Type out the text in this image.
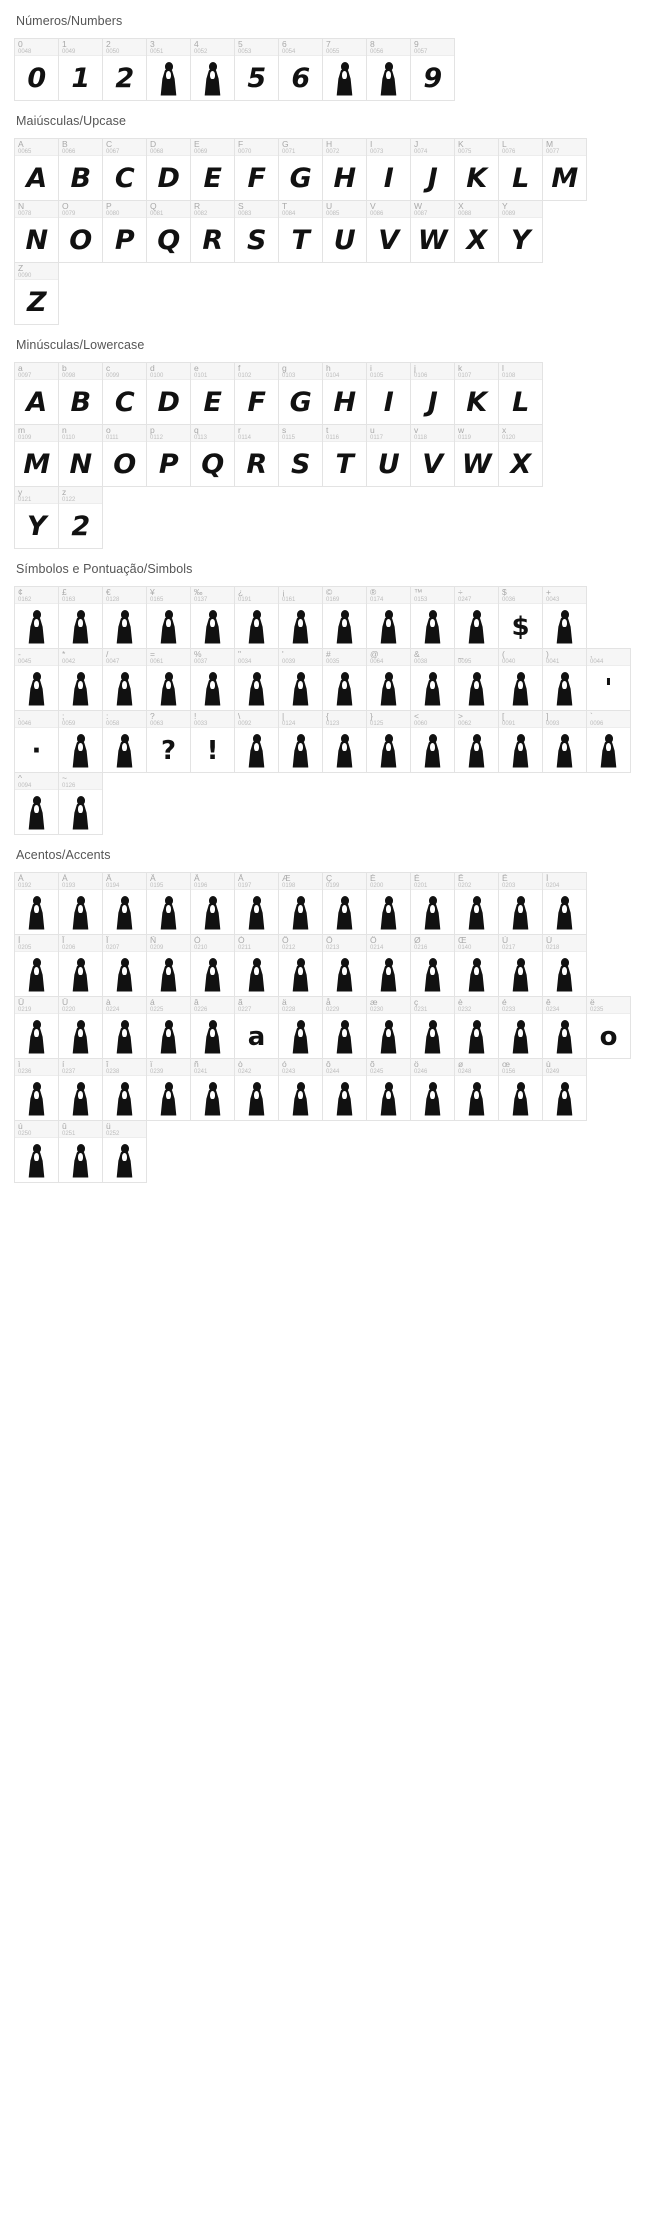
Números/Numbers
0
0048
0
1
0049
1
2
0050
2
3
0051
4
0052
5
0053
5
6
0054
6
7
0055
8
0056
9
0057
9
Maiúsculas/Upcase
A
0065
A
B
0066
B
C
0067
C
D
0068
D
E
0069
E
F
0070
F
G
0071
G
H
0072
H
I
0073
I
J
0074
J
K
0075
K
L
0076
L
M
0077
M
N
0078
N
O
0079
O
P
0080
P
Q
0081
Q
R
0082
R
S
0083
S
T
0084
T
U
0085
U
V
0086
V
W
0087
W
X
0088
X
Y
0089
Y
Z
0090
Z
Minúsculas/Lowercase
a
0097
A
b
0098
B
c
0099
C
d
0100
D
e
0101
E
f
0102
F
g
0103
G
h
0104
H
i
0105
I
j
0106
J
k
0107
K
l
0108
L
m
0109
M
n
0110
N
o
0111
O
p
0112
P
q
0113
Q
r
0114
R
s
0115
S
t
0116
T
u
0117
U
v
0118
V
w
0119
W
x
0120
X
y
0121
Y
z
0122
2
Símbolos e Pontuação/Simbols
¢
0162
£
0163
€
0128
¥
0165
‰
0137
¿
0191
¡
0161
©
0169
®
0174
™
0153
÷
0247
$
0036
$
+
0043
-
0045
*
0042
/
0047
=
0061
%
0037
"
0034
'
0039
#
0035
@
0064
&
0038
_
0095
(
0040
)
0041
,
0044
'
.
0046
·
;
0059
:
0058
?
0063
?
!
0033
!
\
0092
|
0124
{
0123
}
0125
<
0060
>
0062
[
0091
]
0093
`
0096
^
0094
~
0126
Acentos/Accents
À
0192
Á
0193
Â
0194
Ã
0195
Ä
0196
Å
0197
Æ
0198
Ç
0199
È
0200
É
0201
Ê
0202
Ë
0203
Ì
0204
Í
0205
Î
0206
Ï
0207
Ñ
0209
Ò
0210
Ó
0211
Ô
0212
Õ
0213
Ö
0214
Ø
0216
Œ
0140
Ù
0217
Ú
0218
Û
0219
Ü
0220
à
0224
á
0225
â
0226
ã
0227
a
ä
0228
å
0229
æ
0230
ç
0231
è
0232
é
0233
ê
0234
ë
0235
o
ì
0236
í
0237
î
0238
ï
0239
ñ
0241
ò
0242
ó
0243
ô
0244
õ
0245
ö
0246
ø
0248
œ
0156
ù
0249
ú
0250
û
0251
ü
0252
